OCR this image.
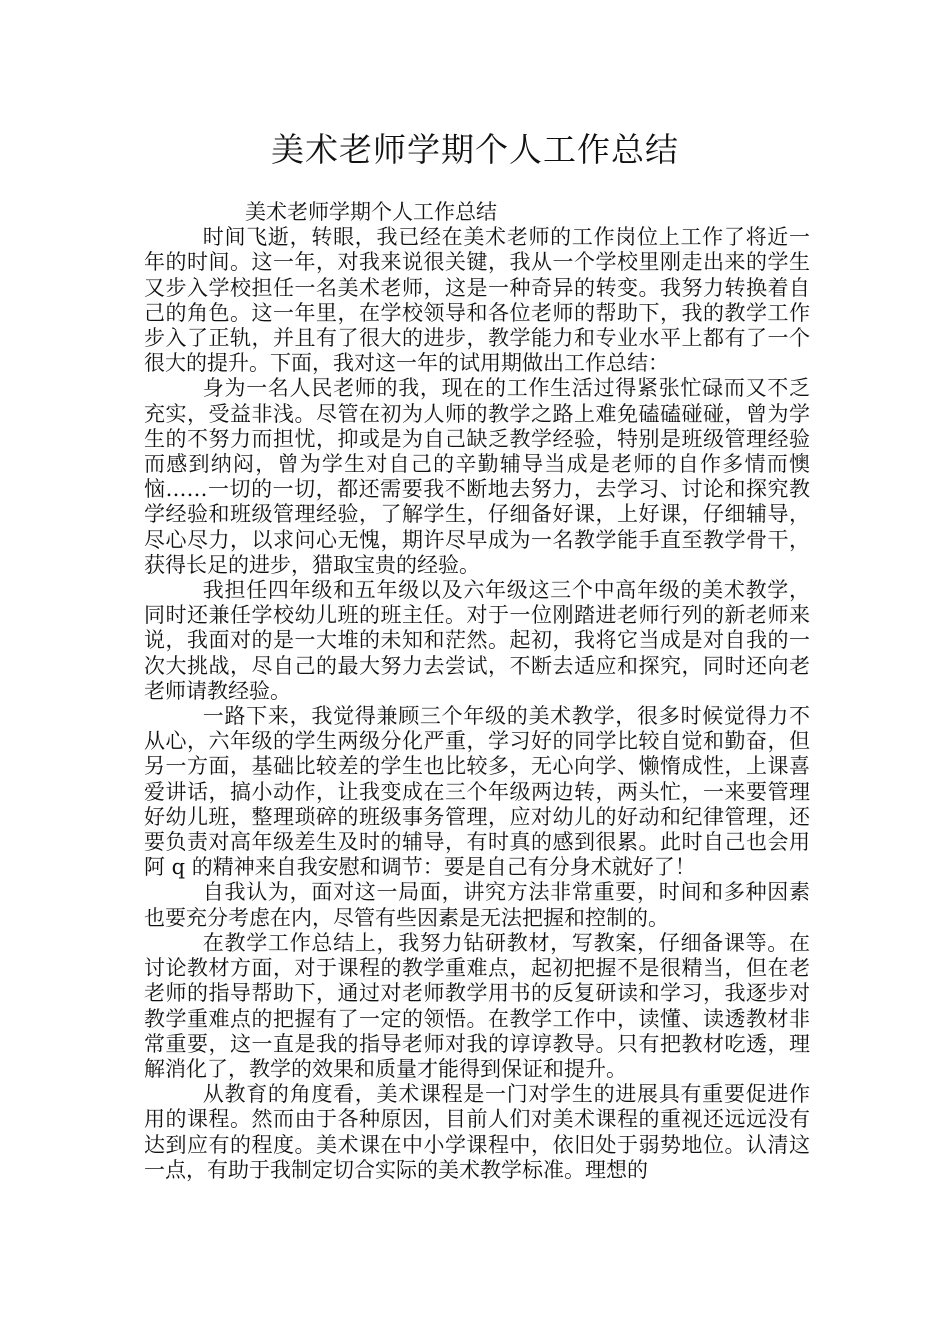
美术老师学期个人工作总结

美术老师学期个人工作总结

时间飞逝，转眼，我已经在美术老师的工作岗位上工作了将近一年的时间。这一年，对我来说很关键，我从一个学校里刚走出来的学生又步入学校担任一名美术老师，这是一种奇异的转变。我努力转换着自己的角色。这一年里，在学校领导和各位老师的帮助下，我的教学工作步入了正轨，并且有了很大的进步，教学能力和专业水平上都有了一个很大的提升。下面，我对这一年的试用期做出工作总结：

身为一名人民老师的我，现在的工作生活过得紧张忙碌而又不乏充实，受益非浅。尽管在初为人师的教学之路上难免磕磕碰碰，曾为学生的不努力而担忧，抑或是为自己缺乏教学经验，特别是班级管理经验而感到纳闷，曾为学生对自己的辛勤辅导当成是老师的自作多情而懊恼……一切的一切，都还需要我不断地去努力，去学习、讨论和探究教学经验和班级管理经验，了解学生，仔细备好课，上好课，仔细辅导，尽心尽力，以求问心无愧，期许尽早成为一名教学能手直至教学骨干，获得长足的进步，猎取宝贵的经验。

我担任四年级和五年级以及六年级这三个中高年级的美术教学，同时还兼任学校幼儿班的班主任。对于一位刚踏进老师行列的新老师来说，我面对的是一大堆的未知和茫然。起初，我将它当成是对自我的一次大挑战，尽自己的最大努力去尝试，不断去适应和探究，同时还向老老师请教经验。

一路下来，我觉得兼顾三个年级的美术教学，很多时候觉得力不从心，六年级的学生两级分化严重，学习好的同学比较自觉和勤奋，但另一方面，基础比较差的学生也比较多，无心向学、懒惰成性，上课喜爱讲话，搞小动作，让我变成在三个年级两边转，两头忙，一来要管理好幼儿班，整理琐碎的班级事务管理，应对幼儿的好动和纪律管理，还要负责对高年级差生及时的辅导，有时真的感到很累。此时自己也会用阿 q 的精神来自我安慰和调节：要是自己有分身术就好了！

自我认为，面对这一局面，讲究方法非常重要，时间和多种因素也要充分考虑在内，尽管有些因素是无法把握和控制的。

在教学工作总结上，我努力钻研教材，写教案，仔细备课等。在讨论教材方面，对于课程的教学重难点，起初把握不是很精当，但在老老师的指导帮助下，通过对老师教学用书的反复研读和学习，我逐步对教学重难点的把握有了一定的领悟。在教学工作中，读懂、读透教材非常重要，这一直是我的指导老师对我的谆谆教导。只有把教材吃透，理解消化了，教学的效果和质量才能得到保证和提升。

从教育的角度看，美术课程是一门对学生的进展具有重要促进作用的课程。然而由于各种原因，目前人们对美术课程的重视还远远没有达到应有的程度。美术课在中小学课程中，依旧处于弱势地位。认清这一点，有助于我制定切合实际的美术教学标准。理想的
